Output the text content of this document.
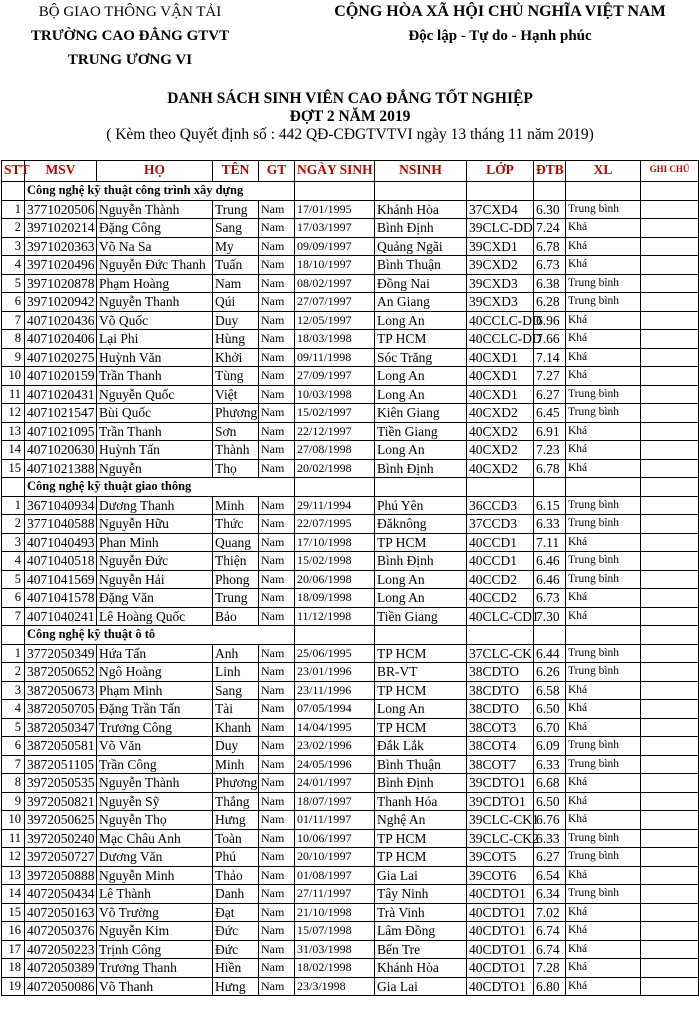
BỘ GIAO THÔNG VẬN TẢI
TRƯỜNG CAO ĐẲNG GTVT
TRUNG ƯƠNG VI
CỘNG HÒA XÃ HỘI CHỦ NGHĨA VIỆT NAM
Độc lập - Tự do - Hạnh phúc
DANH SÁCH SINH VIÊN CAO ĐẲNG TỐT NGHIỆP
ĐỢT 2 NĂM 2019
( Kèm theo Quyết định số : 442 QĐ-CĐGTVTVI ngày 13 tháng 11 năm 2019)
STT	MSV	HỌ	TÊN	GT	NGÀY SINH	NSINH	LỚP	ĐTB	XL	GHI CHÚ
	Công nghệ kỹ thuật công trình xây dựng									
1	3771020506	Nguyễn Thành	Trung	Nam	17/01/1995	Khánh Hòa	37CXD4	6.30	Trung bình	
2	3971020214	Đặng Công	Sang	Nam	17/03/1997	Bình Định	39CLC-DD	7.24	Khá	
3	3971020363	Võ Na Sa	My	Nam	09/09/1997	Quảng Ngãi	39CXD1	6.78	Khá	
4	3971020496	Nguyễn Đức Thanh	Tuấn	Nam	18/10/1997	Bình Thuận	39CXD2	6.73	Khá	
5	3971020878	Phạm Hoàng	Nam	Nam	08/02/1997	Đồng Nai	39CXD3	6.38	Trung bình	
6	3971020942	Nguyễn Thanh	Qúi	Nam	27/07/1997	An Giang	39CXD3	6.28	Trung bình	
7	4071020436	Võ Quốc	Duy	Nam	12/05/1997	Long An	40CCLC-DD	6.96	Khá	
8	4071020406	Lại Phi	Hùng	Nam	18/03/1998	TP HCM	40CCLC-DD	7.66	Khá	
9	4071020275	Huỳnh Văn	Khởi	Nam	09/11/1998	Sóc Trăng	40CXD1	7.14	Khá	
10	4071020159	Trần Thanh	Tùng	Nam	27/09/1997	Long An	40CXD1	7.27	Khá	
11	4071020431	Nguyễn Quốc	Việt	Nam	10/03/1998	Long An	40CXD1	6.27	Trung bình	
12	4071021547	Bùi Quốc	Phương	Nam	15/02/1997	Kiên Giang	40CXD2	6.45	Trung bình	
13	4071021095	Trần Thanh	Sơn	Nam	22/12/1997	Tiền Giang	40CXD2	6.91	Khá	
14	4071020630	Huỳnh Tấn	Thành	Nam	27/08/1998	Long An	40CXD2	7.23	Khá	
15	4071021388	Nguyễn	Thọ	Nam	20/02/1998	Bình Định	40CXD2	6.78	Khá	
	Công nghệ kỹ thuật giao thông									
1	3671040934	Dương Thanh	Minh	Nam	29/11/1994	Phú Yên	36CCD3	6.15	Trung bình	
2	3771040588	Nguyễn Hữu	Thức	Nam	22/07/1995	Đăknông	37CCD3	6.33	Trung bình	
3	4071040493	Phan Minh	Quang	Nam	17/10/1998	TP HCM	40CCD1	7.11	Khá	
4	4071040518	Nguyễn Đức	Thiện	Nam	15/02/1998	Bình Định	40CCD1	6.46	Trung bình	
5	4071041569	Nguyễn Hải	Phong	Nam	20/06/1998	Long An	40CCD2	6.46	Trung bình	
6	4071041578	Đặng Văn	Trung	Nam	18/09/1998	Long An	40CCD2	6.73	Khá	
7	4071040241	Lê Hoàng Quốc	Bảo	Nam	11/12/1998	Tiền Giang	40CLC-CD1	7.30	Khá	
	Công nghệ kỹ thuật ô tô									
1	3772050349	Hứa Tấn	Anh	Nam	25/06/1995	TP HCM	37CLC-CK	6.44	Trung bình	
2	3872050652	Ngô Hoàng	Linh	Nam	23/01/1996	BR-VT	38CDTO	6.26	Trung bình	
3	3872050673	Phạm Minh	Sang	Nam	23/11/1996	TP HCM	38CDTO	6.58	Khá	
4	3872050705	Đặng Trần Tấn	Tài	Nam	07/05/1994	Long An	38CDTO	6.50	Khá	
5	3872050347	Trương Công	Khanh	Nam	14/04/1995	TP HCM	38COT3	6.70	Khá	
6	3872050581	Võ Văn	Duy	Nam	23/02/1996	Đắk Lắk	38COT4	6.09	Trung bình	
7	3872051105	Trần Công	Minh	Nam	24/05/1996	Bình Thuận	38COT7	6.33	Trung bình	
8	3972050535	Nguyễn Thành	Phương	Nam	24/01/1997	Bình Định	39CDTO1	6.68	Khá	
9	3972050821	Nguyễn Sỹ	Thắng	Nam	18/07/1997	Thanh Hóa	39CDTO1	6.50	Khá	
10	3972050625	Nguyễn Thọ	Hưng	Nam	01/11/1997	Nghệ An	39CLC-CK1	6.76	Khá	
11	3972050240	Mạc Châu Anh	Toàn	Nam	10/06/1997	TP HCM	39CLC-CK2	6.33	Trung bình	
12	3972050727	Dương Văn	Phú	Nam	20/10/1997	TP HCM	39COT5	6.27	Trung bình	
13	3972050888	Nguyễn Minh	Thảo	Nam	01/08/1997	Gia Lai	39COT6	6.54	Khá	
14	4072050434	Lê Thành	Danh	Nam	27/11/1997	Tây Ninh	40CDTO1	6.34	Trung bình	
15	4072050163	Võ Trường	Đạt	Nam	21/10/1998	Trà Vinh	40CDTO1	7.02	Khá	
16	4072050376	Nguyễn Kim	Đức	Nam	15/07/1998	Lâm Đồng	40CDTO1	6.74	Khá	
17	4072050223	Trịnh Công	Đức	Nam	31/03/1998	Bến Tre	40CDTO1	6.74	Khá	
18	4072050389	Trương Thanh	Hiền	Nam	18/02/1998	Khánh Hòa	40CDTO1	7.28	Khá	
19	4072050086	Võ Thanh	Hưng	Nam	23/3/1998	Gia Lai	40CDTO1	6.80	Khá	
